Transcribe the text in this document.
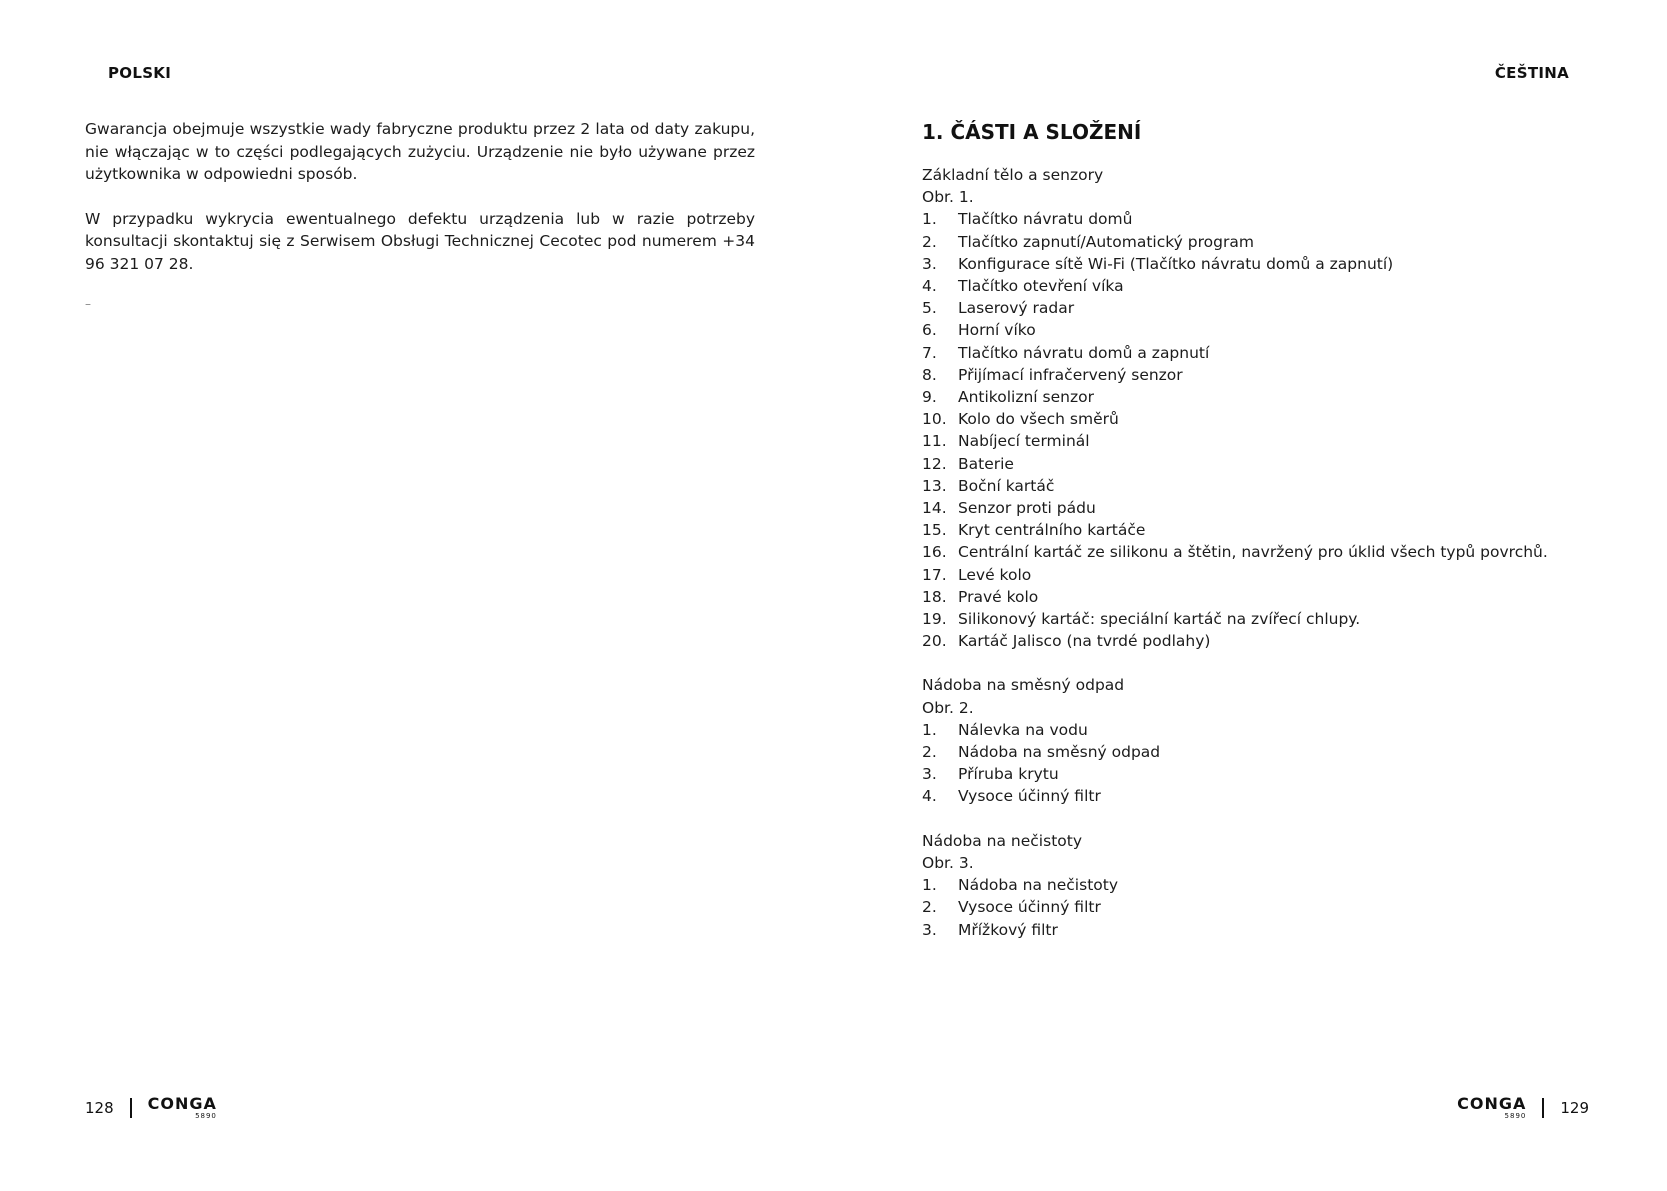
POLSKI	ČEŠTINA

Gwarancja obejmuje wszystkie wady fabryczne produktu przez 2 lata od daty zakupu, nie włączając w to części podlegających zużyciu. Urządzenie nie było używane przez użytkownika w odpowiedni sposób.

W przypadku wykrycia ewentualnego defektu urządzenia lub w razie potrzeby konsultacji skontaktuj się z Serwisem Obsługi Technicznej Cecotec pod numerem +34 96 321 07 28.

–
1. ČÁSTI A SLOŽENÍ
Základní tělo a senzory
Obr. 1.
1.	Tlačítko návratu domů
2.	Tlačítko zapnutí/Automatický program
3.	Konfigurace sítě Wi-Fi (Tlačítko návratu domů a zapnutí)
4.	Tlačítko otevření víka
5.	Laserový radar
6.	Horní víko
7.	Tlačítko návratu domů a zapnutí
8.	Přijímací infračervený senzor
9.	Antikolizní senzor
10. Kolo do všech směrů
11. Nabíjecí terminál
12. Baterie
13. Boční kartáč
14. Senzor proti pádu
15. Kryt centrálního kartáče
16. Centrální kartáč ze silikonu a štětin, navržený pro úklid všech typů povrchů.
17. Levé kolo
18. Pravé kolo
19. Silikonový kartáč: speciální kartáč na zvířecí chlupy.
20. Kartáč Jalisco (na tvrdé podlahy)
Nádoba na směsný odpad
Obr. 2.
1.	Nálevka na vodu
2.	Nádoba na směsný odpad
3.	Příruba krytu
4.	Vysoce účinný filtr
Nádoba na nečistoty
Obr. 3.
1.	Nádoba na nečistoty
2.	Vysoce účinný filtr
3.	Mřížkový filtr
128 CONGA
5890
CONGA
5890 129
